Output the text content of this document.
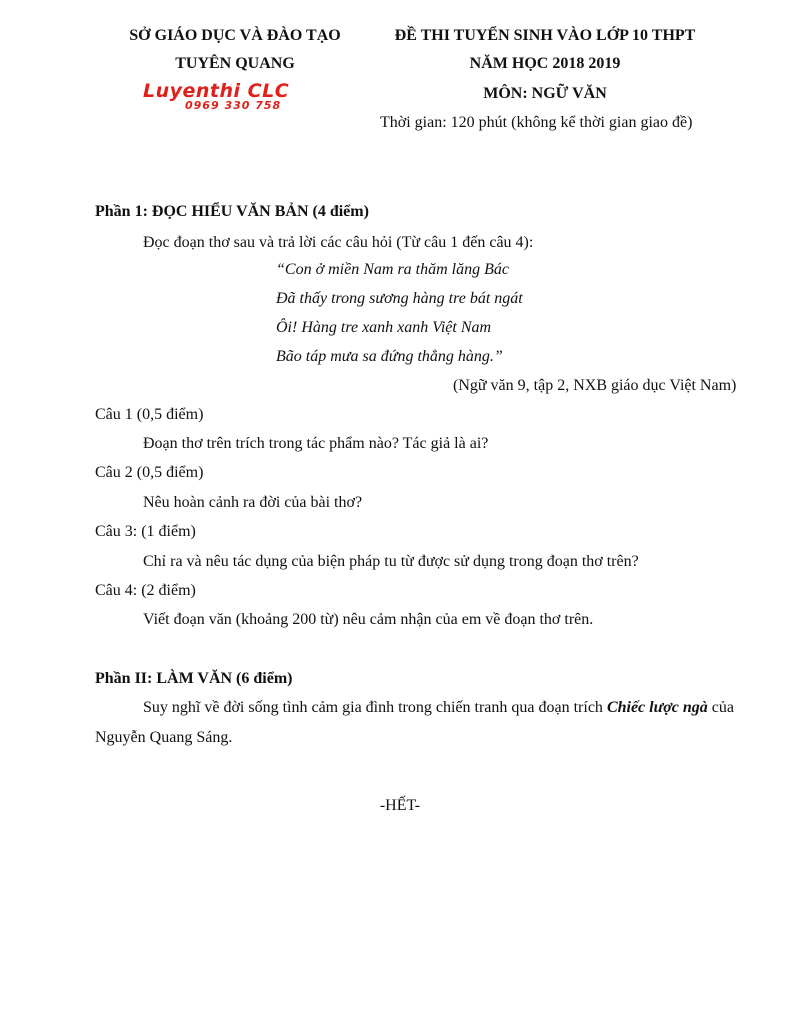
SỞ GIÁO DỤC VÀ ĐÀO TẠO
TUYÊN QUANG
Luyenthi CLC
0969 330 758
ĐỀ THI TUYỂN SINH VÀO LỚP 10 THPT
NĂM HỌC 2018 2019
MÔN: NGỮ VĂN
Thời gian: 120 phút (không kể thời gian giao đề)
Phần 1: ĐỌC HIỂU VĂN BẢN (4 điểm)
Đọc đoạn thơ sau và trả lời các câu hỏi (Từ câu 1 đến câu 4):
“Con ở miền Nam ra thăm lăng Bác
Đã thấy trong sương hàng tre bát ngát
Ôi! Hàng tre xanh xanh Việt Nam
Bão táp mưa sa đứng thẳng hàng.”
(Ngữ văn 9, tập 2, NXB giáo dục Việt Nam)
Câu 1 (0,5 điểm)
Đoạn thơ trên trích trong tác phẩm nào? Tác giả là ai?
Câu 2 (0,5 điểm)
Nêu hoàn cảnh ra đời của bài thơ?
Câu 3: (1 điểm)
Chỉ ra và nêu tác dụng của biện pháp tu từ được sử dụng trong đoạn thơ trên?
Câu 4: (2 điểm)
Viết đoạn văn (khoảng 200 từ) nêu cảm nhận của em về đoạn thơ trên.
Phần II: LÀM VĂN (6 điểm)
Suy nghĩ về đời sống tình cảm gia đình trong chiến tranh qua đoạn trích Chiếc lược ngà của
Nguyễn Quang Sáng.
-HẾT-
